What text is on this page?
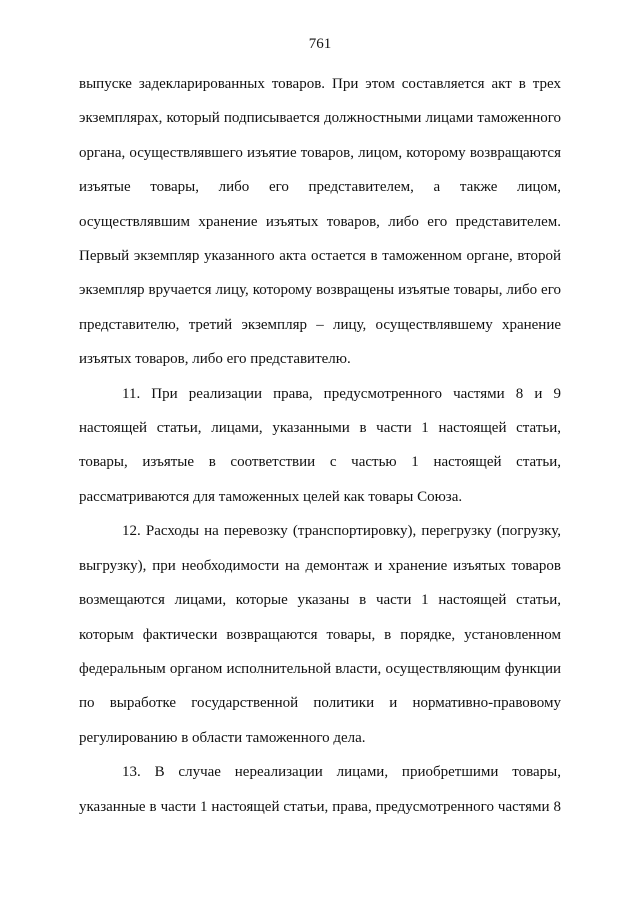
761

выпуске задекларированных товаров. При этом составляется акт в трех

экземплярах, который подписывается должностными лицами таможенного

органа, осуществлявшего изъятие товаров, лицом, которому возвращаются

изъятые товары, либо его представителем, а также лицом,

осуществлявшим хранение изъятых товаров, либо его представителем.

Первый экземпляр указанного акта остается в таможенном органе, второй

экземпляр вручается лицу, которому возвращены изъятые товары, либо его

представителю, третий экземпляр – лицу, осуществлявшему хранение

изъятых товаров, либо его представителю.

11. При реализации права, предусмотренного частями 8 и 9

настоящей статьи, лицами, указанными в части 1 настоящей статьи,

товары, изъятые в соответствии с частью 1 настоящей статьи,

рассматриваются для таможенных целей как товары Союза.

12. Расходы на перевозку (транспортировку), перегрузку (погрузку,

выгрузку), при необходимости на демонтаж и хранение изъятых товаров

возмещаются лицами, которые указаны в части 1 настоящей статьи,

которым фактически возвращаются товары, в порядке, установленном

федеральным органом исполнительной власти, осуществляющим функции

по выработке государственной политики и нормативно-правовому

регулированию в области таможенного дела.

13. В случае нереализации лицами, приобретшими товары,

указанные в части 1 настоящей статьи, права, предусмотренного частями 8
